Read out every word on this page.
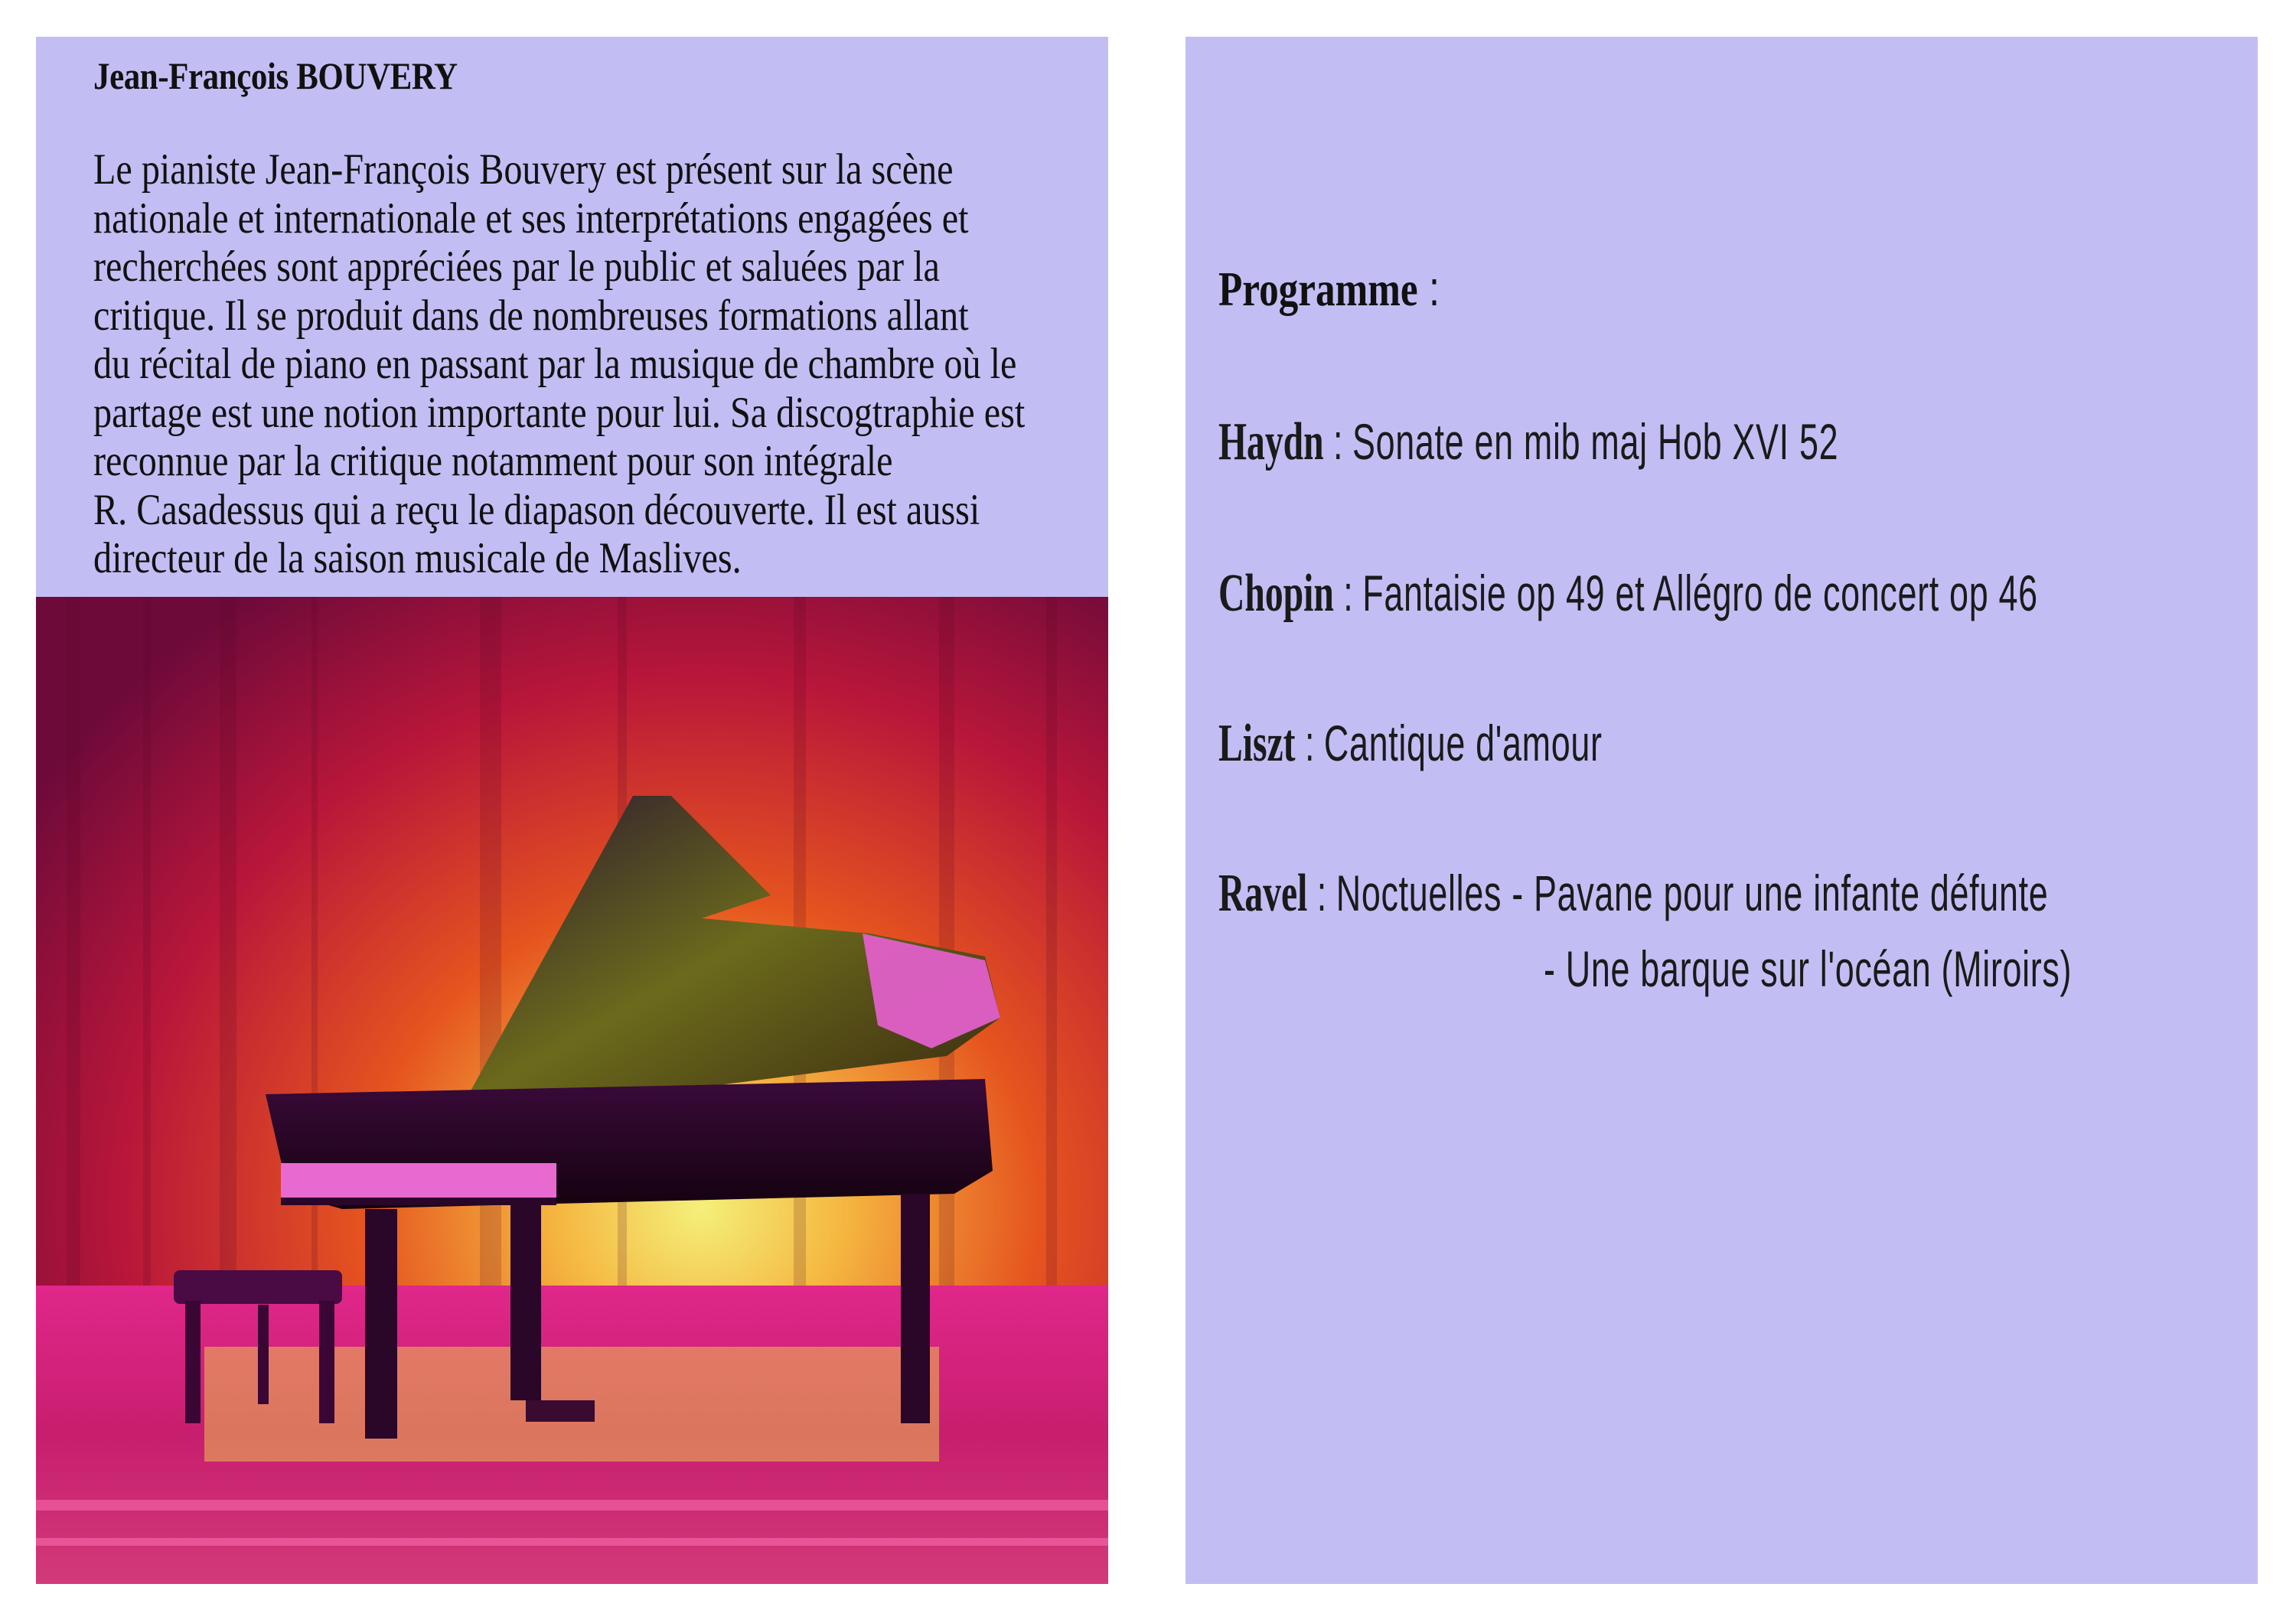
Jean-François BOUVERY

Le pianiste Jean-François Bouvery est présent sur la scène
nationale et internationale et ses interprétations engagées et
recherchées sont appréciées par le public et saluées par la
critique. Il se produit dans de nombreuses formations allant
du récital de piano en passant par la musique de chambre où le
partage est une notion importante pour lui. Sa discogtraphie est
reconnue par la critique notamment pour son intégrale
R. Casadessus qui a reçu le diapason découverte. Il est aussi
directeur de la saison musicale de Maslives.

Programme :

Haydn : Sonate en mib maj Hob XVI 52

Chopin : Fantaisie op 49 et Allégro de concert op 46

Liszt : Cantique d'amour

Ravel : Noctuelles - Pavane pour une infante défunte

- Une barque sur l'océan (Miroirs)
